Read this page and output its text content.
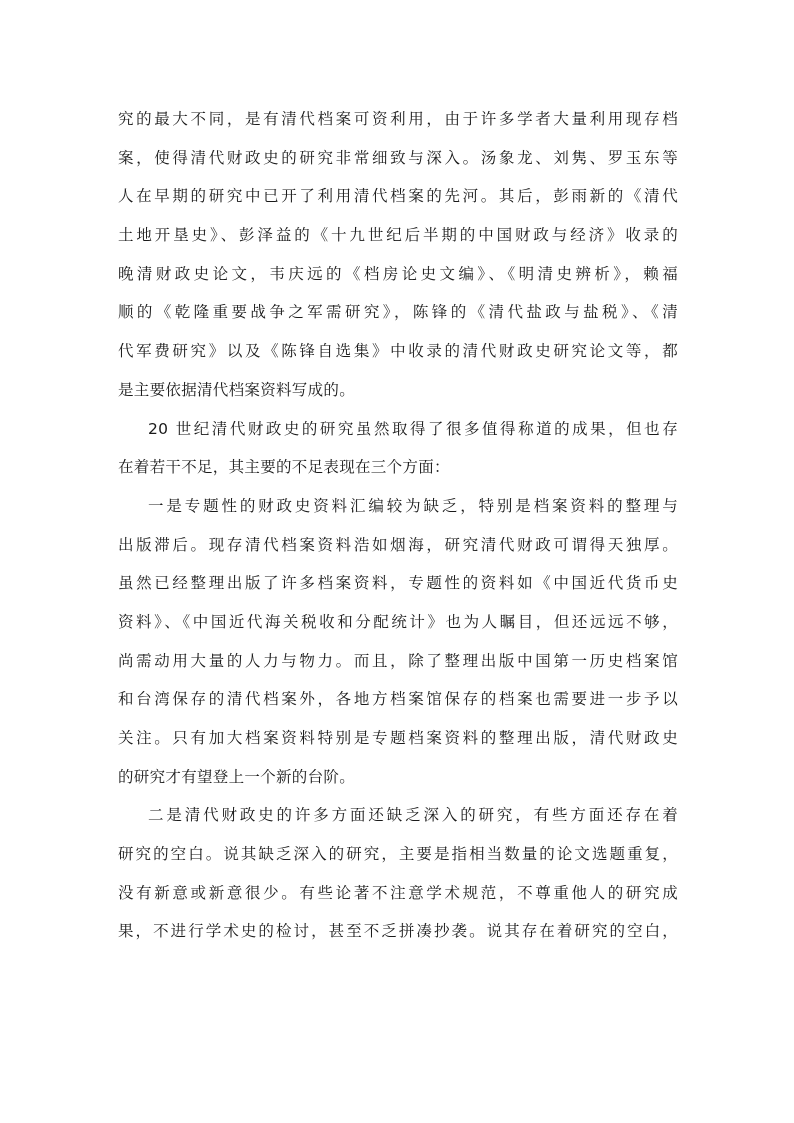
究的最大不同，是有清代档案可资利用，由于许多学者大量利用现存档
案，使得清代财政史的研究非常细致与深入。汤象龙、刘隽、罗玉东等
人在早期的研究中已开了利用清代档案的先河。其后，彭雨新的《清代
土地开垦史》、彭泽益的《十九世纪后半期的中国财政与经济》收录的
晚清财政史论文，韦庆远的《档房论史文编》、《明清史辨析》，赖福
顺的《乾隆重要战争之军需研究》，陈锋的《清代盐政与盐税》、《清
代军费研究》以及《陈锋自选集》中收录的清代财政史研究论文等，都
是主要依据清代档案资料写成的。
20 世纪清代财政史的研究虽然取得了很多值得称道的成果，但也存
在着若干不足，其主要的不足表现在三个方面：
一是专题性的财政史资料汇编较为缺乏，特别是档案资料的整理与
出版滞后。现存清代档案资料浩如烟海，研究清代财政可谓得天独厚。
虽然已经整理出版了许多档案资料，专题性的资料如《中国近代货币史
资料》、《中国近代海关税收和分配统计》也为人瞩目，但还远远不够，
尚需动用大量的人力与物力。而且，除了整理出版中国第一历史档案馆
和台湾保存的清代档案外，各地方档案馆保存的档案也需要进一步予以
关注。只有加大档案资料特别是专题档案资料的整理出版，清代财政史
的研究才有望登上一个新的台阶。
二是清代财政史的许多方面还缺乏深入的研究，有些方面还存在着
研究的空白。说其缺乏深入的研究，主要是指相当数量的论文选题重复，
没有新意或新意很少。有些论著不注意学术规范，不尊重他人的研究成
果，不进行学术史的检讨，甚至不乏拼凑抄袭。说其存在着研究的空白，
